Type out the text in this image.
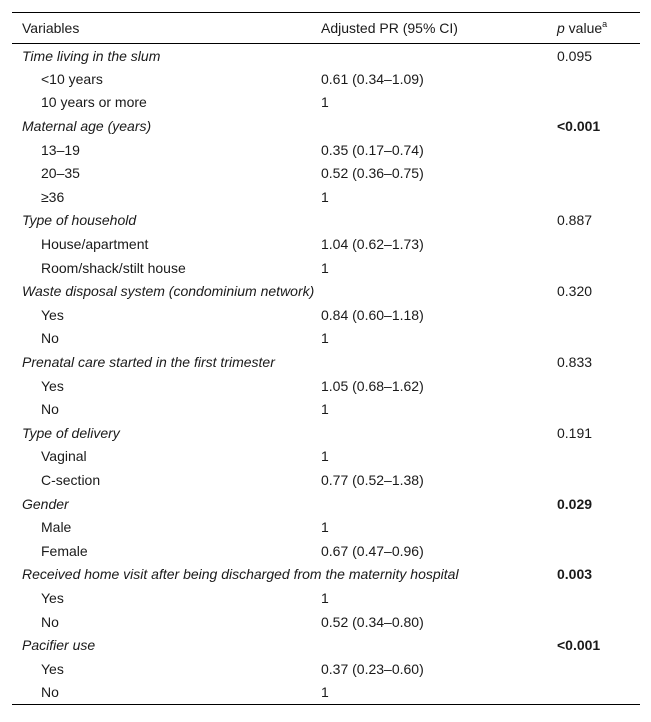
Variables	Adjusted PR (95% CI)	p value$^a$
Time living in the slum		0.095
<10 years	0.61 (0.34–1.09)	
10 years or more	1	
Maternal age (years)		<0.001
13–19	0.35 (0.17–0.74)	
20–35	0.52 (0.36–0.75)	
≥36	1	
Type of household		0.887
House/apartment	1.04 (0.62–1.73)	
Room/shack/stilt house	1	
Waste disposal system (condominium network)		0.320
Yes	0.84 (0.60–1.18)	
No	1	
Prenatal care started in the first trimester		0.833
Yes	1.05 (0.68–1.62)	
No	1	
Type of delivery		0.191
Vaginal	1	
C-section	0.77 (0.52–1.38)	
Gender		0.029
Male	1	
Female	0.67 (0.47–0.96)	
Received home visit after being discharged from the maternity hospital		0.003
Yes	1	
No	0.52 (0.34–0.80)	
Pacifier use		<0.001
Yes	0.37 (0.23–0.60)	
No	1	
